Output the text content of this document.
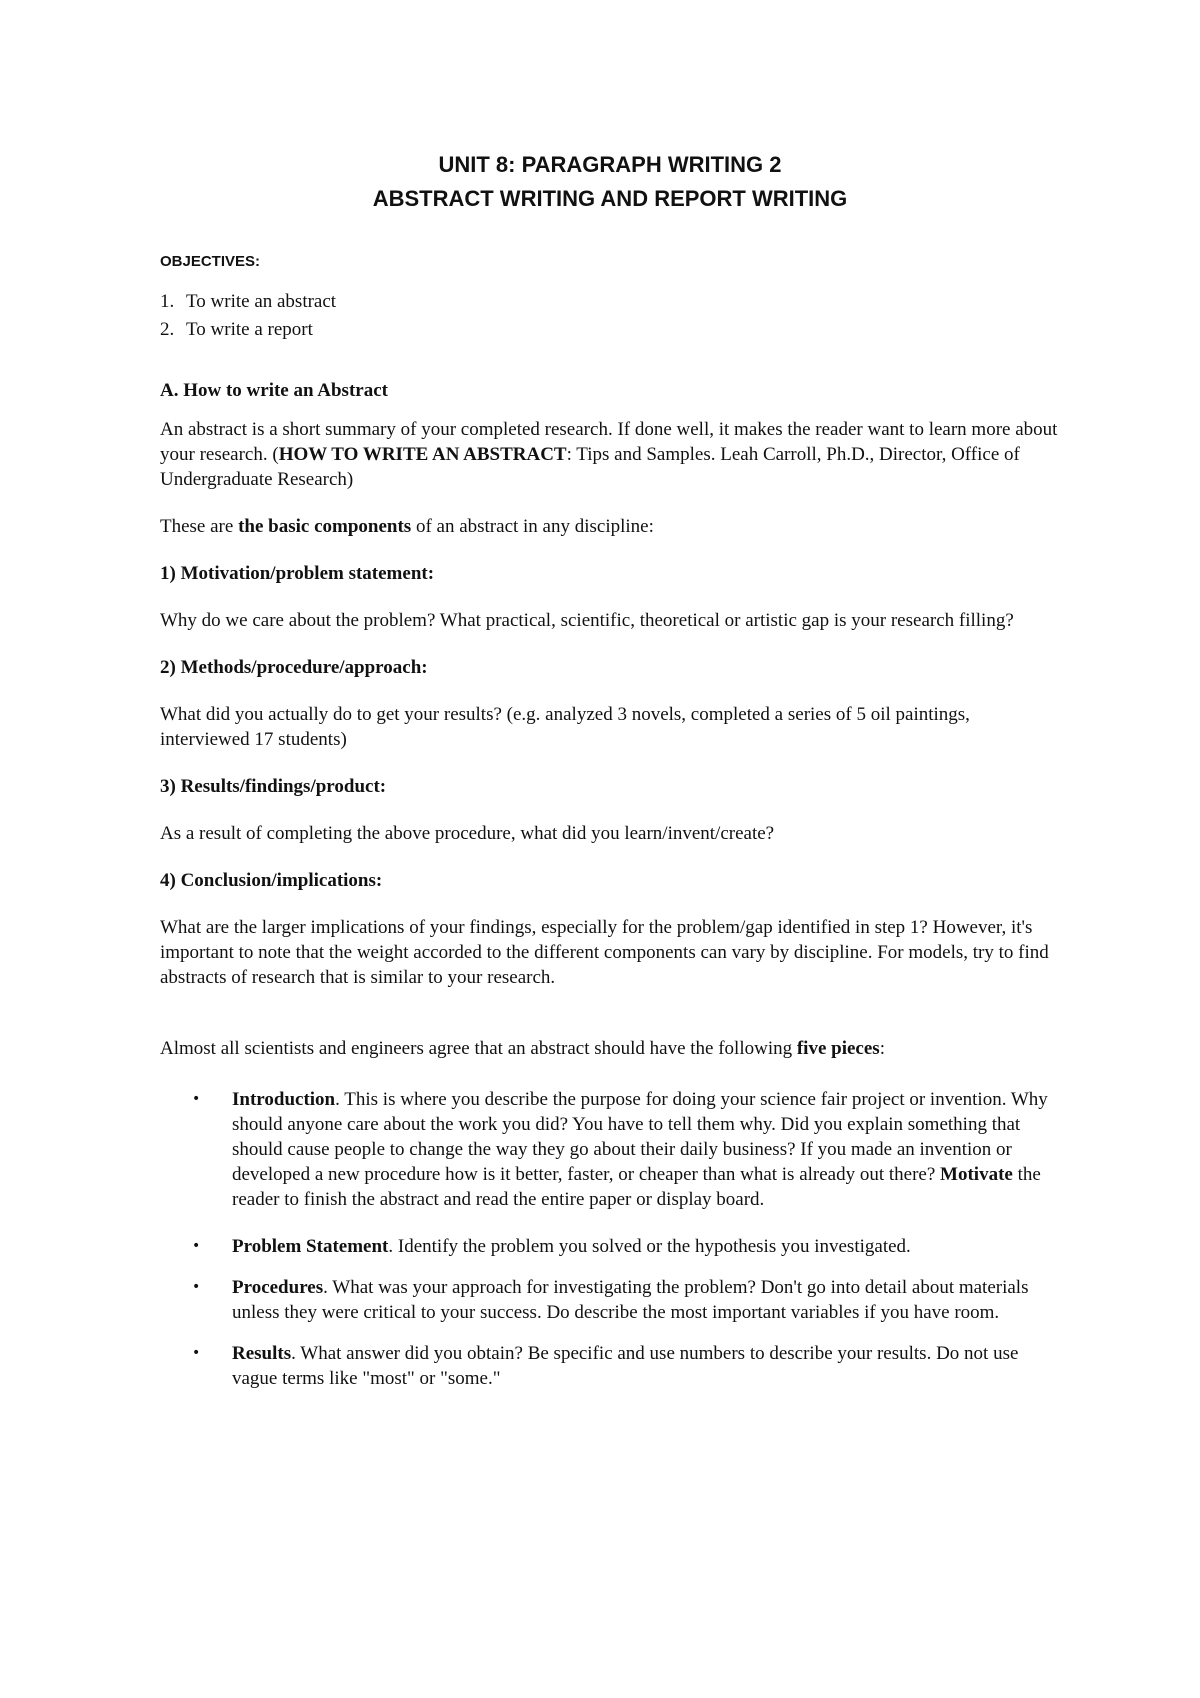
UNIT 8: PARAGRAPH WRITING 2
ABSTRACT WRITING AND REPORT WRITING
OBJECTIVES:
1. To write an abstract
2. To write a report
A. How to write an Abstract

An abstract is a short summary of your completed research. If done well, it makes the reader want to learn more about your research. (HOW TO WRITE AN ABSTRACT: Tips and Samples. Leah Carroll, Ph.D., Director, Office of Undergraduate Research)

These are the basic components of an abstract in any discipline:

1) Motivation/problem statement:

Why do we care about the problem? What practical, scientific, theoretical or artistic gap is your research filling?

2) Methods/procedure/approach:

What did you actually do to get your results? (e.g. analyzed 3 novels, completed a series of 5 oil paintings, interviewed 17 students)

3) Results/findings/product:

As a result of completing the above procedure, what did you learn/invent/create?

4) Conclusion/implications:

What are the larger implications of your findings, especially for the problem/gap identified in step 1? However, it's important to note that the weight accorded to the different components can vary by discipline. For models, try to find abstracts of research that is similar to your research.

Almost all scientists and engineers agree that an abstract should have the following five pieces:

• Introduction. This is where you describe the purpose for doing your science fair project or invention. Why should anyone care about the work you did? You have to tell them why. Did you explain something that should cause people to change the way they go about their daily business? If you made an invention or developed a new procedure how is it better, faster, or cheaper than what is already out there? Motivate the reader to finish the abstract and read the entire paper or display board.
• Problem Statement. Identify the problem you solved or the hypothesis you investigated.
• Procedures. What was your approach for investigating the problem? Don't go into detail about materials unless they were critical to your success. Do describe the most important variables if you have room.
• Results. What answer did you obtain? Be specific and use numbers to describe your results. Do not use vague terms like "most" or "some."
